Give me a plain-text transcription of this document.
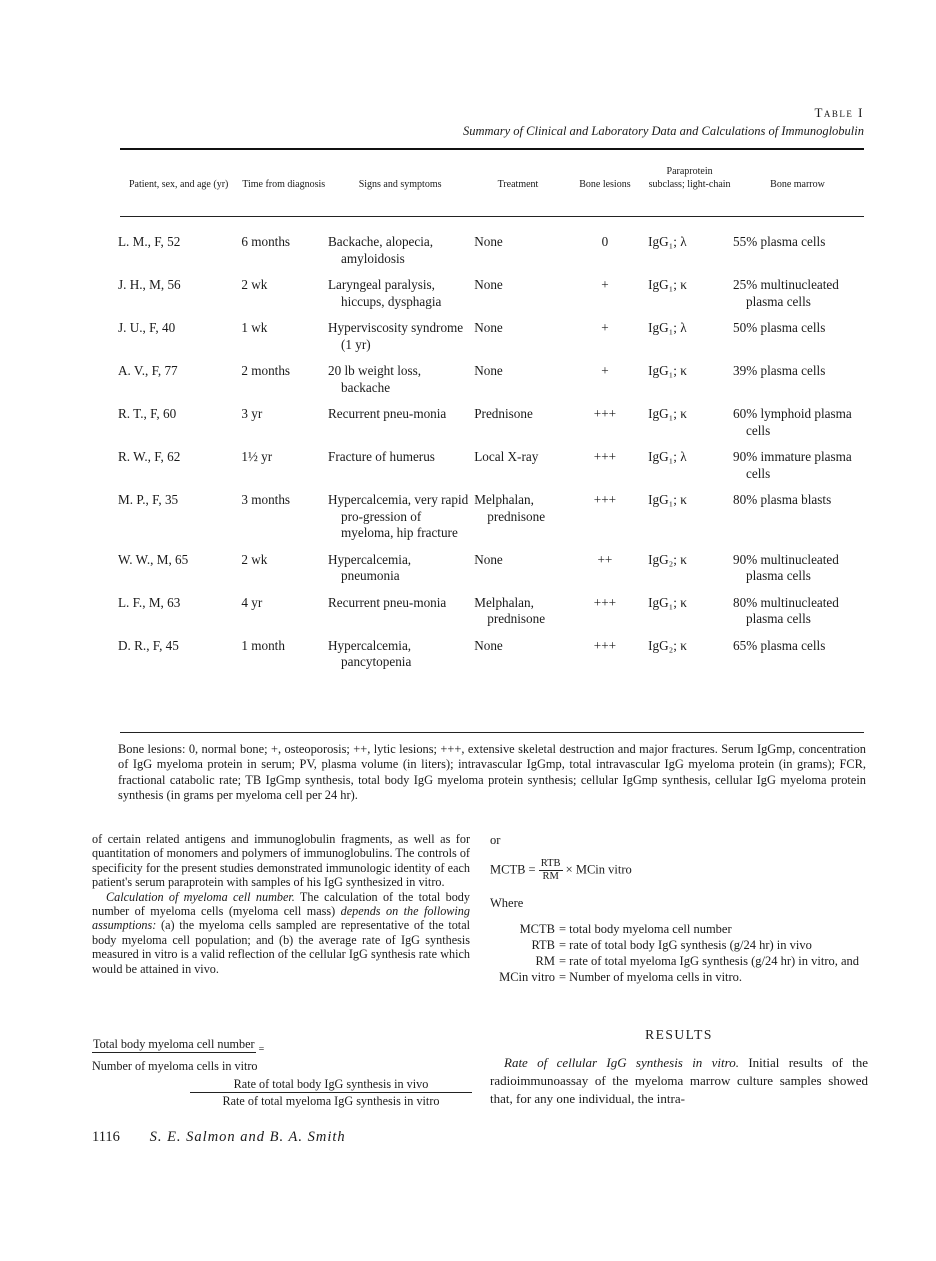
Table I
Summary of Clinical and Laboratory Data and Calculations of Immunoglobulin
Patient, sex, and age (yr)	Time from diagnosis	Signs and symptoms	Treatment	Bone lesions	Paraprotein subclass; light-chain	Bone marrow
L. M., F, 52	6 months	Backache, alopecia, amyloidosis	None	0	IgG₁; λ	55% plasma cells

J. H., M, 56	2 wk	Laryngeal paralysis, hiccups, dysphagia	None	+	IgG₁; κ	25% multinucleated plasma cells

J. U., F, 40	1 wk	Hyperviscosity syndrome (1 yr)	None	+	IgG₁; λ	50% plasma cells

A. V., F, 77	2 months	20 lb weight loss, backache	None	+	IgG₁; κ	39% plasma cells

R. T., F, 60	3 yr	Recurrent pneu-monia	Prednisone	+++	IgG₁; κ	60% lymphoid plasma cells

R. W., F, 62	1½ yr	Fracture of humerus	Local X-ray	+++	IgG₁; λ	90% immature plasma cells

M. P., F, 35	3 months	Hypercalcemia, very rapid pro-gression of myeloma, hip fracture	Melphalan, prednisone	+++	IgG₁; κ	80% plasma blasts

W. W., M, 65	2 wk	Hypercalcemia, pneumonia	None	++	IgG₂; κ	90% multinucleated plasma cells

L. F., M, 63	4 yr	Recurrent pneu-monia	Melphalan, prednisone	+++	IgG₁; κ	80% multinucleated plasma cells

D. R., F, 45	1 month	Hypercalcemia, pancytopenia	None	+++	IgG₂; κ	65% plasma cells
Bone lesions: 0, normal bone; +, osteoporosis; ++, lytic lesions; +++, extensive skeletal destruction and major fractures. Serum IgGmp, concentration of IgG myeloma protein in serum; PV, plasma volume (in liters); intravascular IgGmp, total intravascular IgG myeloma protein (in grams); FCR, fractional catabolic rate; TB IgGmp synthesis, total body IgG myeloma protein synthesis; cellular IgGmp synthesis, cellular IgG myeloma protein synthesis (in grams per myeloma cell per 24 hr).

of certain related antigens and immunoglobulin fragments, as well as for quantitation of monomers and polymers of immunoglobulins. The controls of specificity for the present studies demonstrated immunologic identity of each patient's serum paraprotein with samples of his IgG synthesized in vitro.

Calculation of myeloma cell number. The calculation of the total body number of myeloma cells (myeloma cell mass) depends on the following assumptions: (a) the myeloma cells sampled are representative of the total body myeloma cell population; and (b) the average rate of IgG synthesis measured in vitro is a valid reflection of the cellular IgG synthesis rate which would be attained in vivo.

Total body myeloma cell number $_=$
Number of myeloma cells in vitro
Rate of total body IgG synthesis in vivo
Rate of total myeloma IgG synthesis in vitro
or
MCTB = $\frac{\text{RTB}}{RM}$ × MCin vitro
Where
MCTB = total body myeloma cell number
RTB = rate of total body IgG synthesis (g/24 hr) in vivo
RM = rate of total myeloma IgG synthesis (g/24 hr) in vitro, and
MCin vitro = Number of myeloma cells in vitro.
RESULTS
Rate of cellular IgG synthesis in vitro. Initial results of the radioimmunoassay of the myeloma marrow culture samples showed that, for any one individual, the intra-
1116 S. E. Salmon and B. A. Smith
